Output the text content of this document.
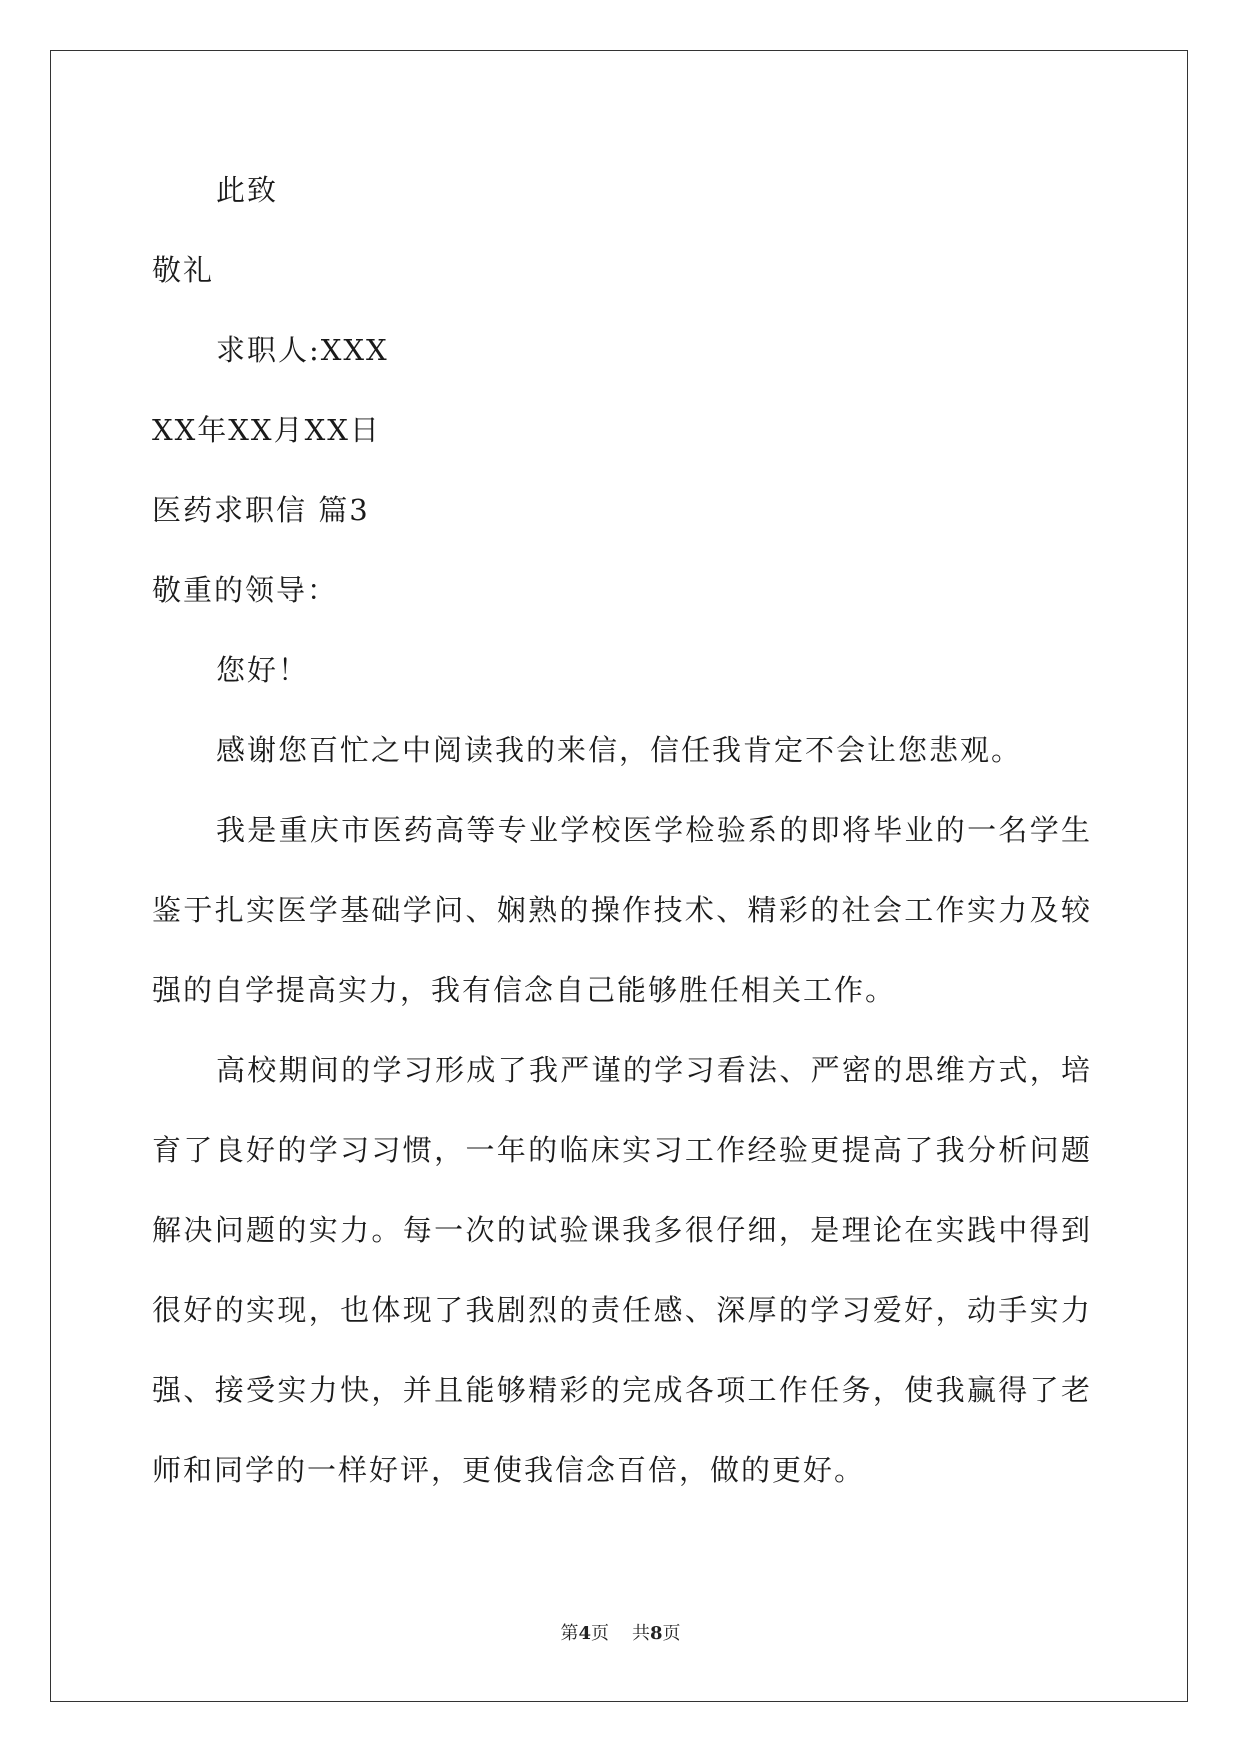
此致
敬礼
求职人:XXX
XX年XX月XX日
医药求职信 篇3
敬重的领导：
您好！
感谢您百忙之中阅读我的来信，信任我肯定不会让您悲观。
我是重庆市医药高等专业学校医学检验系的即将毕业的一名学生
鉴于扎实医学基础学问、娴熟的操作技术、精彩的社会工作实力及较
强的自学提高实力，我有信念自己能够胜任相关工作。
高校期间的学习形成了我严谨的学习看法、严密的思维方式，培
育了良好的学习习惯，一年的临床实习工作经验更提高了我分析问题
解决问题的实力。每一次的试验课我多很仔细，是理论在实践中得到
很好的实现，也体现了我剧烈的责任感、深厚的学习爱好，动手实力
强、接受实力快，并且能够精彩的完成各项工作任务，使我赢得了老
师和同学的一样好评，更使我信念百倍，做的更好。
第4页 共8页
